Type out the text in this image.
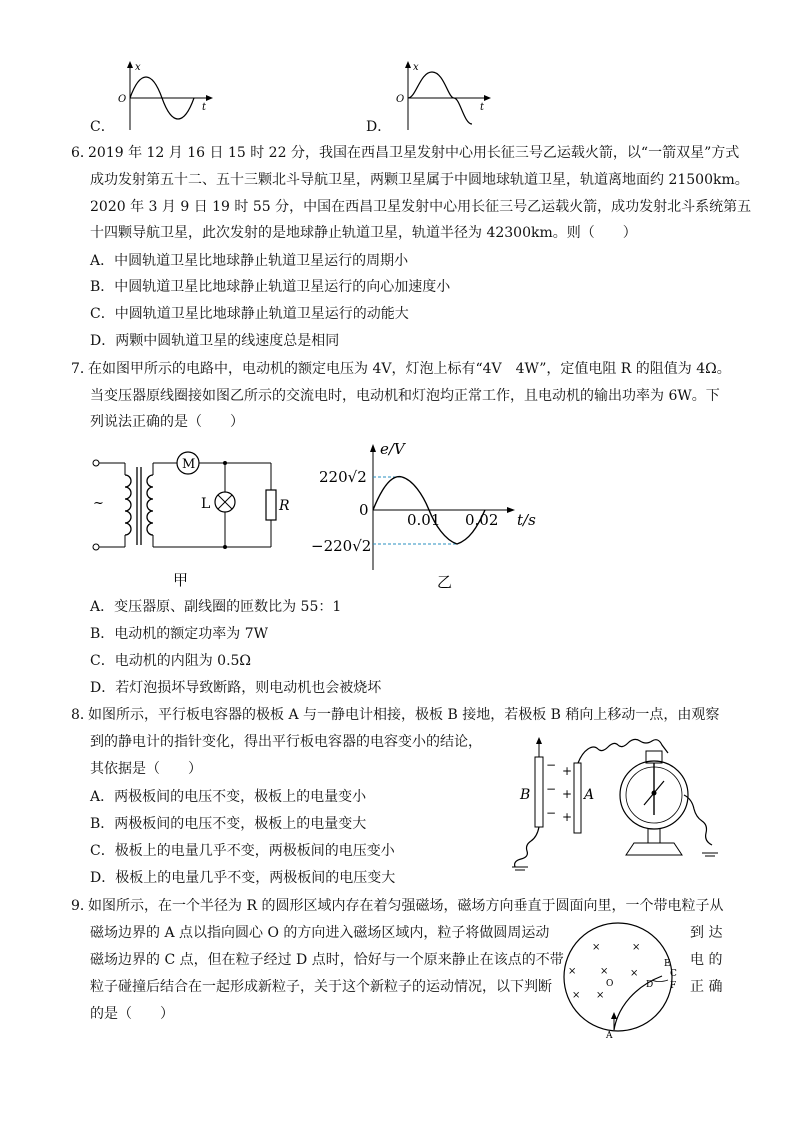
C．
x
t
O
D．
x
t
O
6．
2019 年 12 月 16 日 15 时 22 分，我国在西昌卫星发射中心用长征三号乙运载火箭，以“一箭双星”方式
成功发射第五十二、五十三颗北斗导航卫星，两颗卫星属于中圆地球轨道卫星，轨道离地面约 21500km。
2020 年 3 月 9 日 19 时 55 分，中国在西昌卫星发射中心用长征三号乙运载火箭，成功发射北斗系统第五
十四颗导航卫星，此次发射的是地球静止轨道卫星，轨道半径为 42300km。则（　　）
A．中圆轨道卫星比地球静止轨道卫星运行的周期小
B．中圆轨道卫星比地球静止轨道卫星运行的向心加速度小
C．中圆轨道卫星比地球静止轨道卫星运行的动能大
D．两颗中圆轨道卫星的线速度总是相同
7．
在如图甲所示的电路中，电动机的额定电压为 4V，灯泡上标有“4V　4W”，定值电阻 R 的阻值为 4Ω。
当变压器原线圈接如图乙所示的交流电时，电动机和灯泡均正常工作，且电动机的输出功率为 6W。下
列说法正确的是（　　）
~
M
L	R
甲
e/V
t/s
220√2
0
−220√2
0.01 0.02
乙
A．变压器原、副线圈的匝数比为 55：1
B．电动机的额定功率为 7W
C．电动机的内阻为 0.5Ω
D．若灯泡损坏导致断路，则电动机也会被烧坏
8．
如图所示，平行板电容器的极板 A 与一静电计相接，极板 B 接地，若极板 B 稍向上移动一点，由观察
到的静电计的指针变化，得出平行板电容器的电容变小的结论，
其依据是（　　）
A．两极板间的电压不变，极板上的电量变小
B．两极板间的电压不变，极板上的电量变大
C．极板上的电量几乎不变，两极板间的电压变小
D．极板上的电量几乎不变，两极板间的电压变大
B
−
−
−
+
+
+
A
9．
如图所示，在一个半径为 R 的圆形区域内存在着匀强磁场，磁场方向垂直于圆面向里，一个带电粒子从
磁场边界的 A 点以指向圆心 O 的方向进入磁场区域内，粒子将做圆周运动
磁场边界的 C 点，但在粒子经过 D 点时，恰好与一个原来静止在该点的不带
粒子碰撞后结合在一起形成新粒子，关于这个新粒子的运动情况，以下判断
的是（　　）
到 达
电 的
正 确
×	×
× × ×
× ×
O
E
C
F
D
A
